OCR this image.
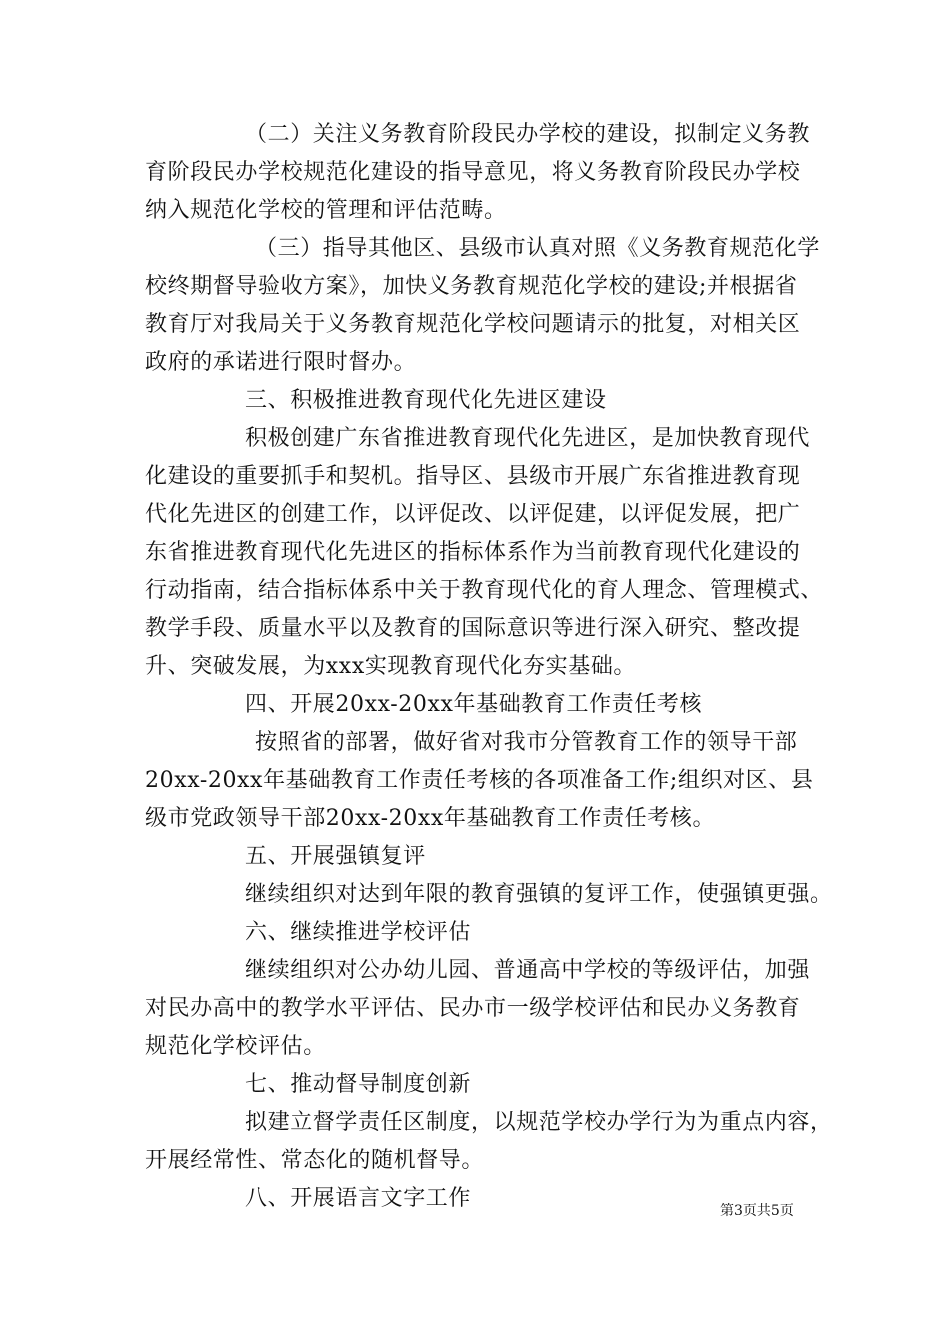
（二）关注义务教育阶段民办学校的建设，拟制定义务教
育阶段民办学校规范化建设的指导意见，将义务教育阶段民办学校
纳入规范化学校的管理和评估范畴。
（三）指导其他区、县级市认真对照《义务教育规范化学
校终期督导验收方案》，加快义务教育规范化学校的建设;并根据省
教育厅对我局关于义务教育规范化学校问题请示的批复，对相关区
政府的承诺进行限时督办。
三、积极推进教育现代化先进区建设
积极创建广东省推进教育现代化先进区，是加快教育现代
化建设的重要抓手和契机。指导区、县级市开展广东省推进教育现
代化先进区的创建工作，以评促改、以评促建，以评促发展，把广
东省推进教育现代化先进区的指标体系作为当前教育现代化建设的
行动指南，结合指标体系中关于教育现代化的育人理念、管理模式、
教学手段、质量水平以及教育的国际意识等进行深入研究、整改提
升、突破发展，为xxx实现教育现代化夯实基础。
四、开展20xx-20xx年基础教育工作责任考核
按照省的部署，做好省对我市分管教育工作的领导干部
20xx-20xx年基础教育工作责任考核的各项准备工作;组织对区、县
级市党政领导干部20xx-20xx年基础教育工作责任考核。
五、开展强镇复评
继续组织对达到年限的教育强镇的复评工作，使强镇更强。
六、继续推进学校评估
继续组织对公办幼儿园、普通高中学校的等级评估，加强
对民办高中的教学水平评估、民办市一级学校评估和民办义务教育
规范化学校评估。
七、推动督导制度创新
拟建立督学责任区制度，以规范学校办学行为为重点内容，
开展经常性、常态化的随机督导。
八、开展语言文字工作	第3页共5页
